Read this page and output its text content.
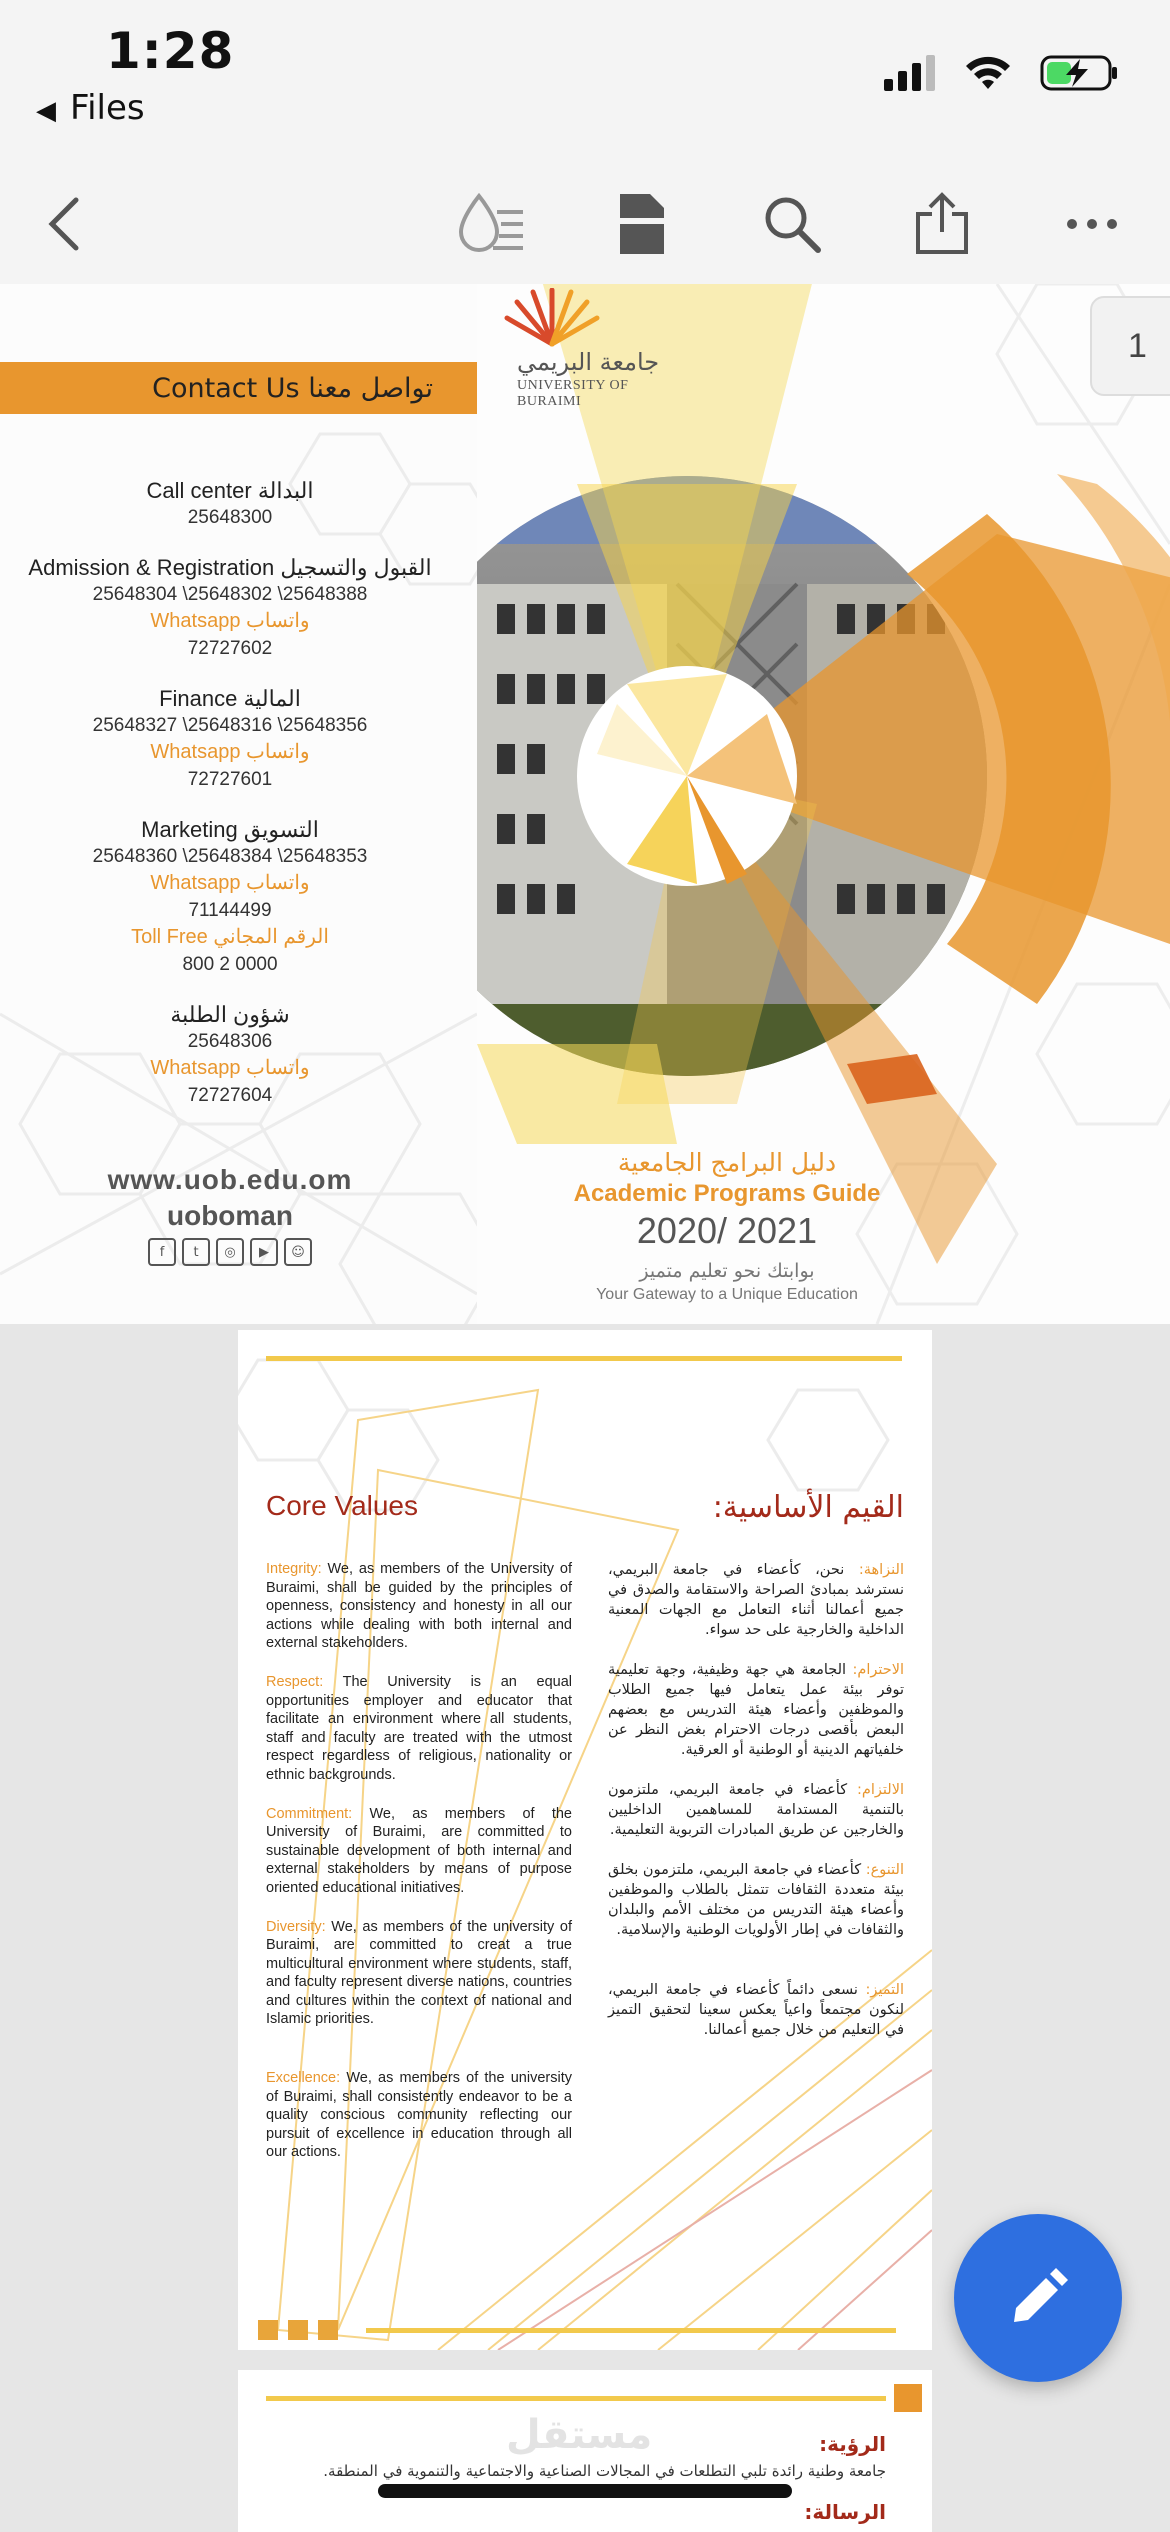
1:28
◀ Files
Contact Us تواصل معنا
Call center البدالة
25648300
Admission & Registration القبول والتسجيل
25648304 \25648302 \25648388
Whatsapp واتساب
72727602
Finance المالية
25648327 \25648316 \25648356
Whatsapp واتساب
72727601
Marketing التسويق
25648360 \25648384 \25648353
Whatsapp واتساب
71144499
Toll Free الرقم المجاني
800 2 0000
شؤون الطلبة
25648306
Whatsapp واتساب
72727604
www.uob.edu.om
uoboman
f	t	◎	▶	☺
جامعة البريمي
UNIVERSITY OF BURAIMI
دليل البرامج الجامعية
Academic Programs Guide
2020/ 2021
بوابتك نحو تعليم متميز
Your Gateway to a Unique Education
1
Core Values	القيم الأساسية:

Integrity: We, as members of the University of Buraimi, shall be guided by the principles of openness, consistency and honesty in all our actions while dealing with both internal and external stakeholders.

Respect: The University is an equal opportunities employer and educator that facilitate an environment where all students, staff and faculty are treated with the utmost respect regardless of religious, nationality or ethnic backgrounds.

Commitment: We, as members of the University of Buraimi, are committed to sustainable development of both internal and external stakeholders by means of purpose oriented educational initiatives.

Diversity: We, as members of the university of Buraimi, are committed to creat a true multicultural environment where students, staff, and faculty represent diverse nations, countries and cultures within the context of national and Islamic priorities.

Excellence: We, as members of the university of Buraimi, shall consistently endeavor to be a quality conscious community reflecting our pursuit of excellence in education through all our actions.

النزاهة: نحن، كأعضاء في جامعة البريمي، نسترشد بمبادئ الصراحة والاستقامة والصدق في جميع أعمالنا أثناء التعامل مع الجهات المعنية الداخلية والخارجية على حد سواء.

الاحترام: الجامعة هي جهة وظيفية، وجهة تعليمية توفر بيئة عمل يتعامل فيها جميع الطلاب والموظفين وأعضاء هيئة التدريس مع بعضهم البعض بأقصى درجات الاحترام بغض النظر عن خلفياتهم الدينية أو الوطنية أو العرقية.

الالتزام: كأعضاء في جامعة البريمي، ملتزمون بالتنمية المستدامة للمساهمين الداخليين والخارجين عن طريق المبادرات التربوية التعليمية.

التنوع: كأعضاء في جامعة البريمي، ملتزمون بخلق بيئة متعددة الثقافات تتمثل بالطلاب والموظفين وأعضاء هيئة التدريس من مختلف الأمم والبلدان والثقافات في إطار الأولويات الوطنية والإسلامية.

التميز: نسعى دائماً كأعضاء في جامعة البريمي، لنكون مجتمعاً واعياً يعكس سعينا لتحقيق التميز في التعليم من خلال جميع أعمالنا.

مستقل	الرؤية:
جامعة وطنية رائدة تلبي التطلعات في المجالات الصناعية والاجتماعية والتنموية في المنطقة.
الرسالة:
